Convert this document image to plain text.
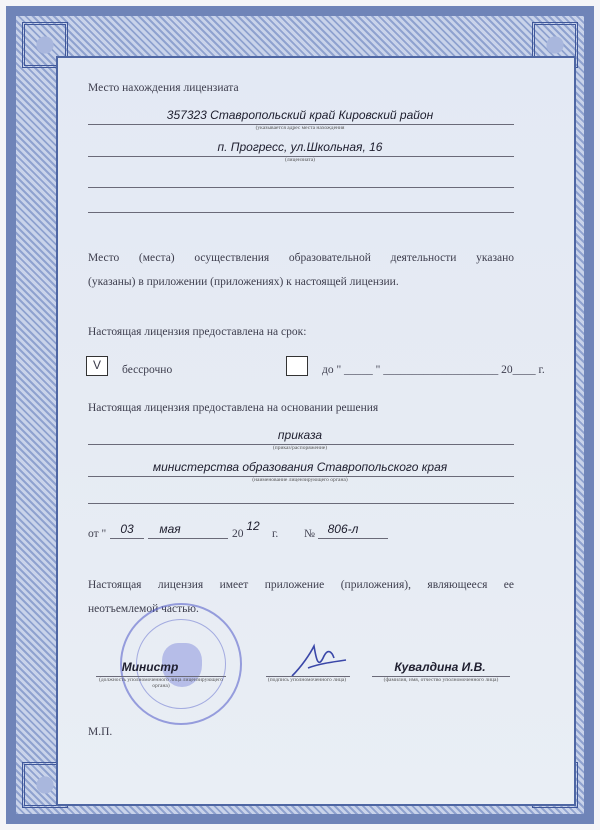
Место нахождения лицензиата
357323 Ставропольский край Кировский район
(указывается адрес места нахождения
п. Прогресс, ул.Школьная, 16
(лицензиата)
Место (места) осуществления образовательной деятельности указано
(указаны) в приложении (приложениях) к настоящей лицензии.
Настоящая лицензия предоставлена на срок:
V	бессрочно	до " _____ " ____________________ 20____ г.
Настоящая лицензия предоставлена на основании решения
приказа
(приказ/распоряжение)
министерства образования Ставропольского края
(наименование лицензирующего органа)
от "	03	мая	20
12
г. №	806-л
Настоящая лицензия имеет приложение (приложения), являющееся ее
неотъемлемой частью.
Министр
(должность уполномоченного лица лицензирующего органа)
(подпись уполномоченного лица)
Кувалдина И.В.
(фамилия, имя, отчество уполномоченного лица)
М.П.
